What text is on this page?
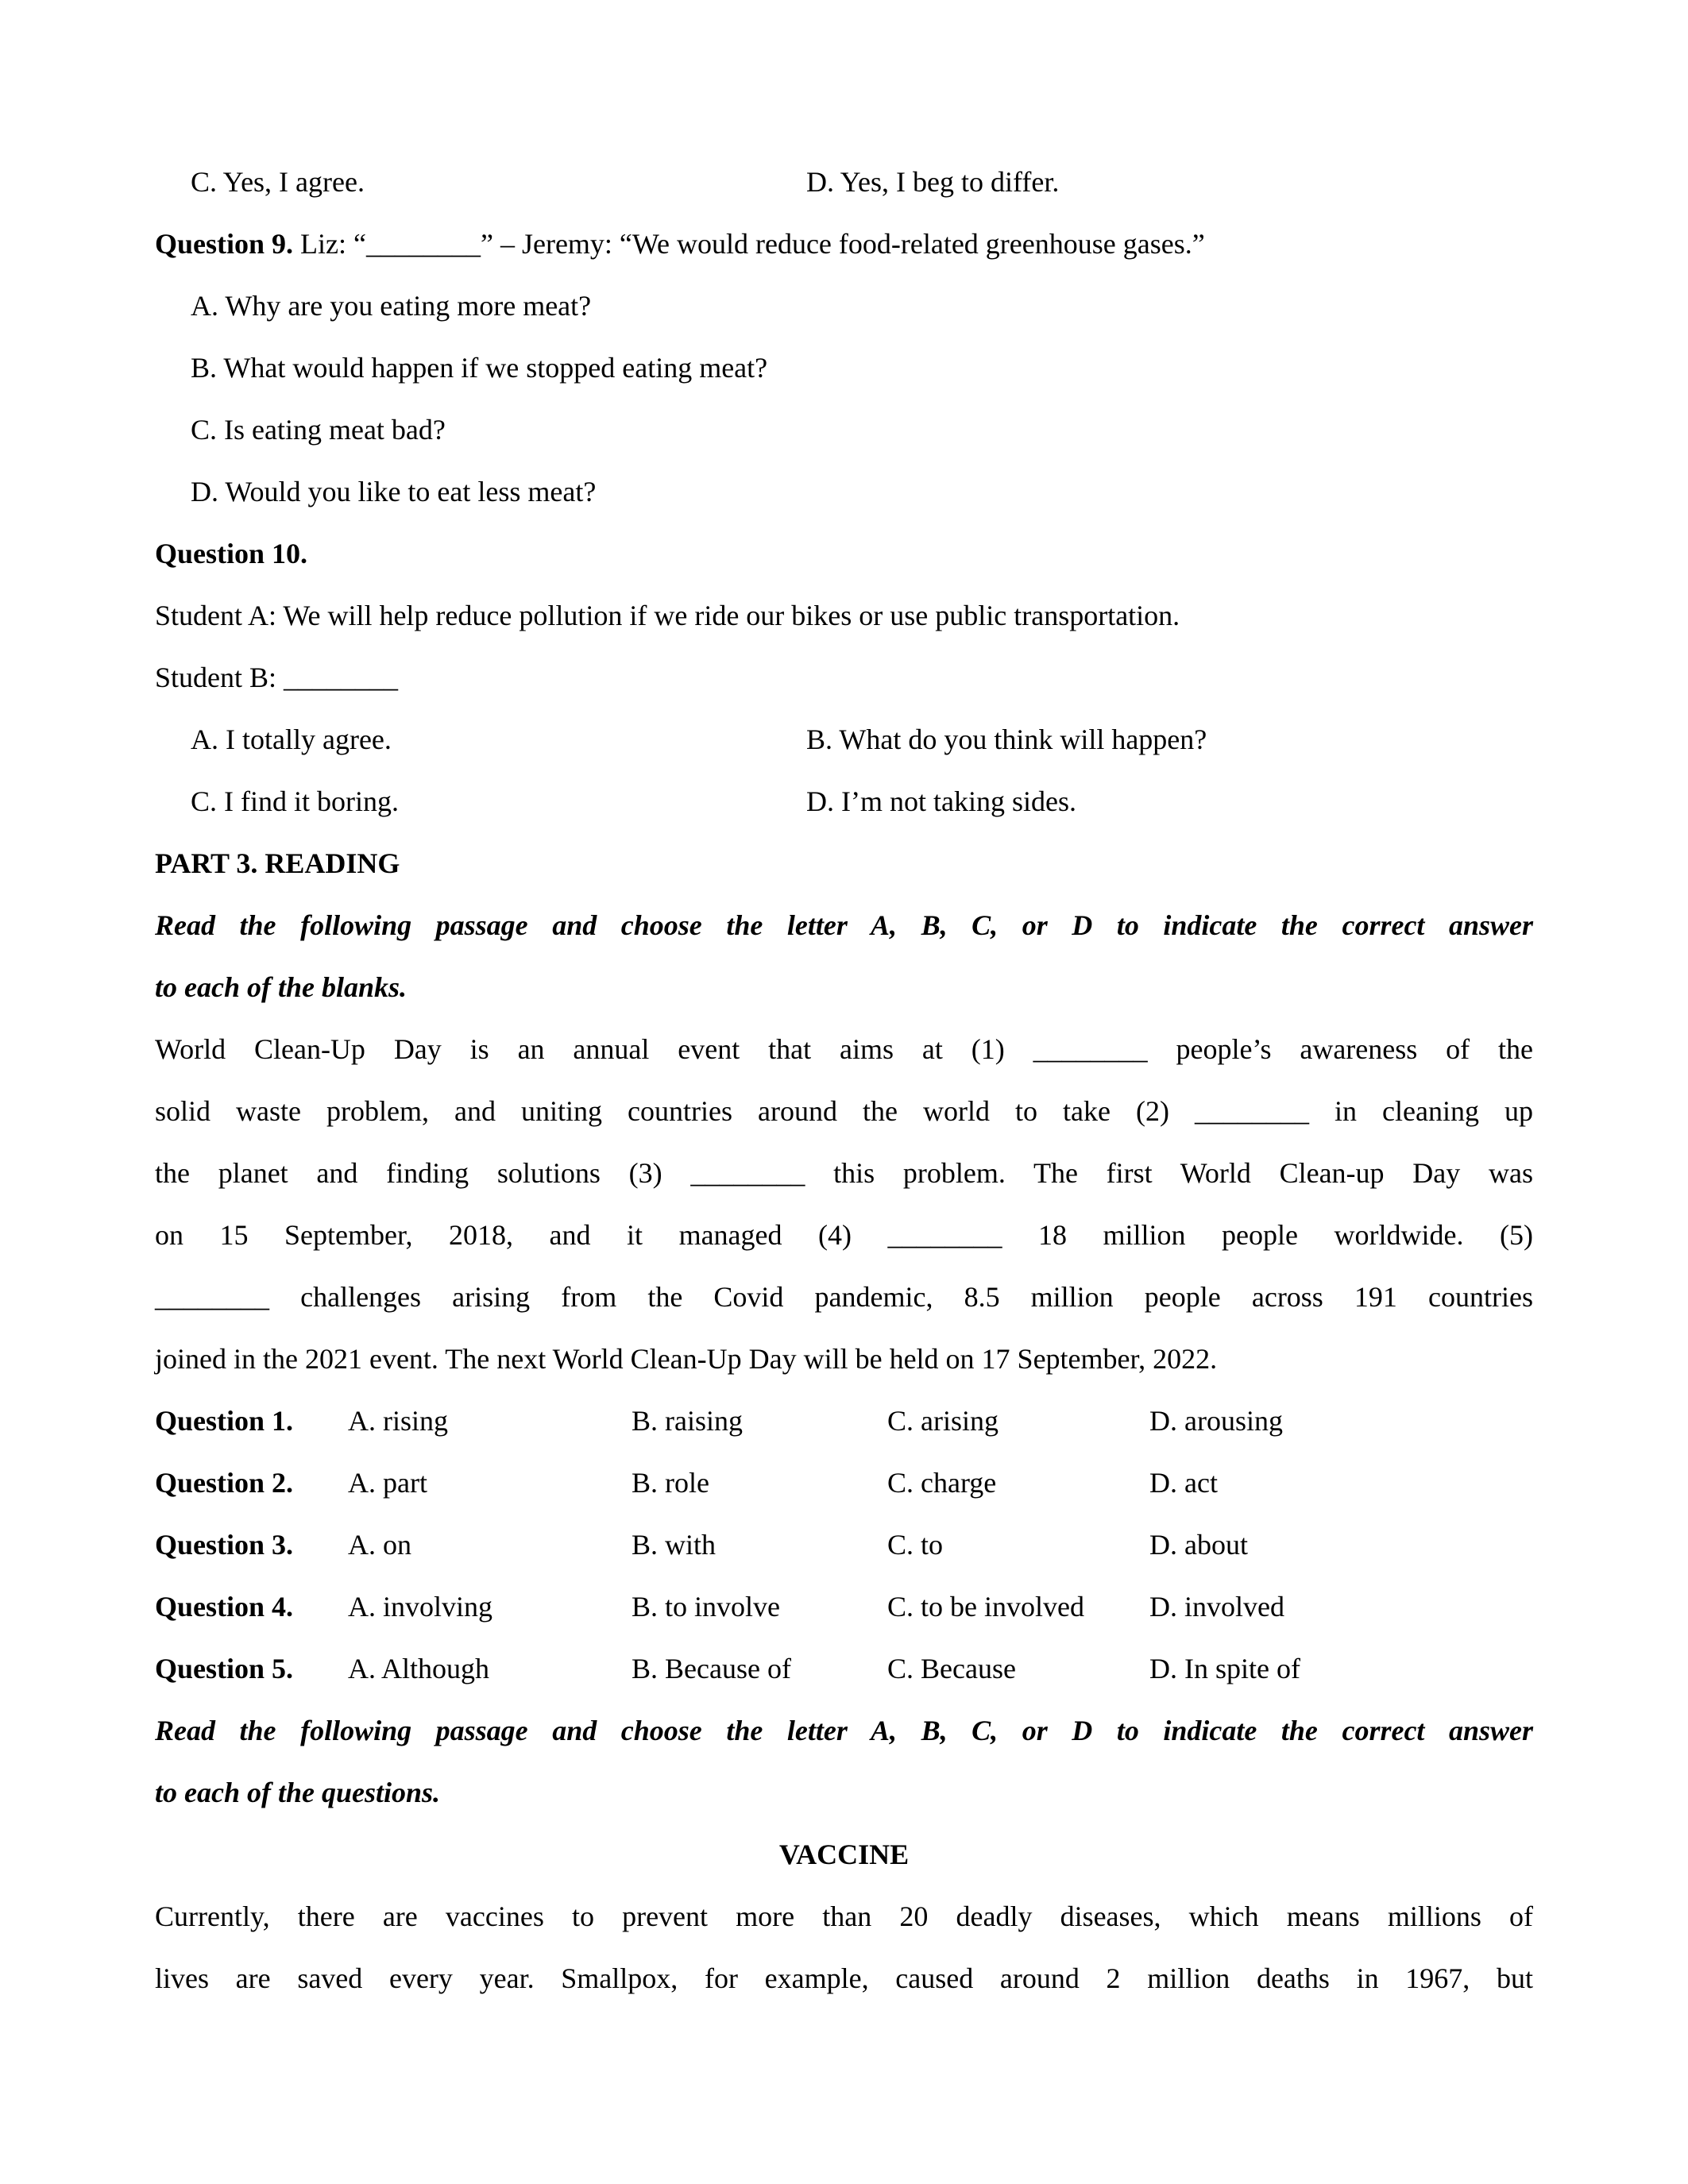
C. Yes, I agree.	D. Yes, I beg to differ.
Question 9. Liz: “________” – Jeremy: “We would reduce food-related greenhouse gases.”
A. Why are you eating more meat?
B. What would happen if we stopped eating meat?
C. Is eating meat bad?
D. Would you like to eat less meat?
Question 10.
Student A: We will help reduce pollution if we ride our bikes or use public transportation.
Student B: ________
A. I totally agree.	B. What do you think will happen?
C. I find it boring.	D. I’m not taking sides.
PART 3. READING
Read the following passage and choose the letter A, B, C, or D to indicate the correct answer
to each of the blanks.
World Clean-Up Day is an annual event that aims at (1) ________ people’s awareness of the
solid waste problem, and uniting countries around the world to take (2) ________ in cleaning up
the planet and finding solutions (3) ________ this problem. The first World Clean-up Day was
on 15 September, 2018, and it managed (4) ________ 18 million people worldwide. (5)
________ challenges arising from the Covid pandemic, 8.5 million people across 191 countries
joined in the 2021 event. The next World Clean-Up Day will be held on 17 September, 2022.
Question 1. A. rising	B. raising	C. arising	D. arousing
Question 2. A. part	B. role	C. charge	D. act
Question 3. A. on	B. with	C. to	D. about
Question 4. A. involving	B. to involve	C. to be involved D. involved
Question 5. A. Although	B. Because of	C. Because	D. In spite of
Read the following passage and choose the letter A, B, C, or D to indicate the correct answer
to each of the questions.
VACCINE
Currently, there are vaccines to prevent more than 20 deadly diseases, which means millions of
lives are saved every year. Smallpox, for example, caused around 2 million deaths in 1967, but
